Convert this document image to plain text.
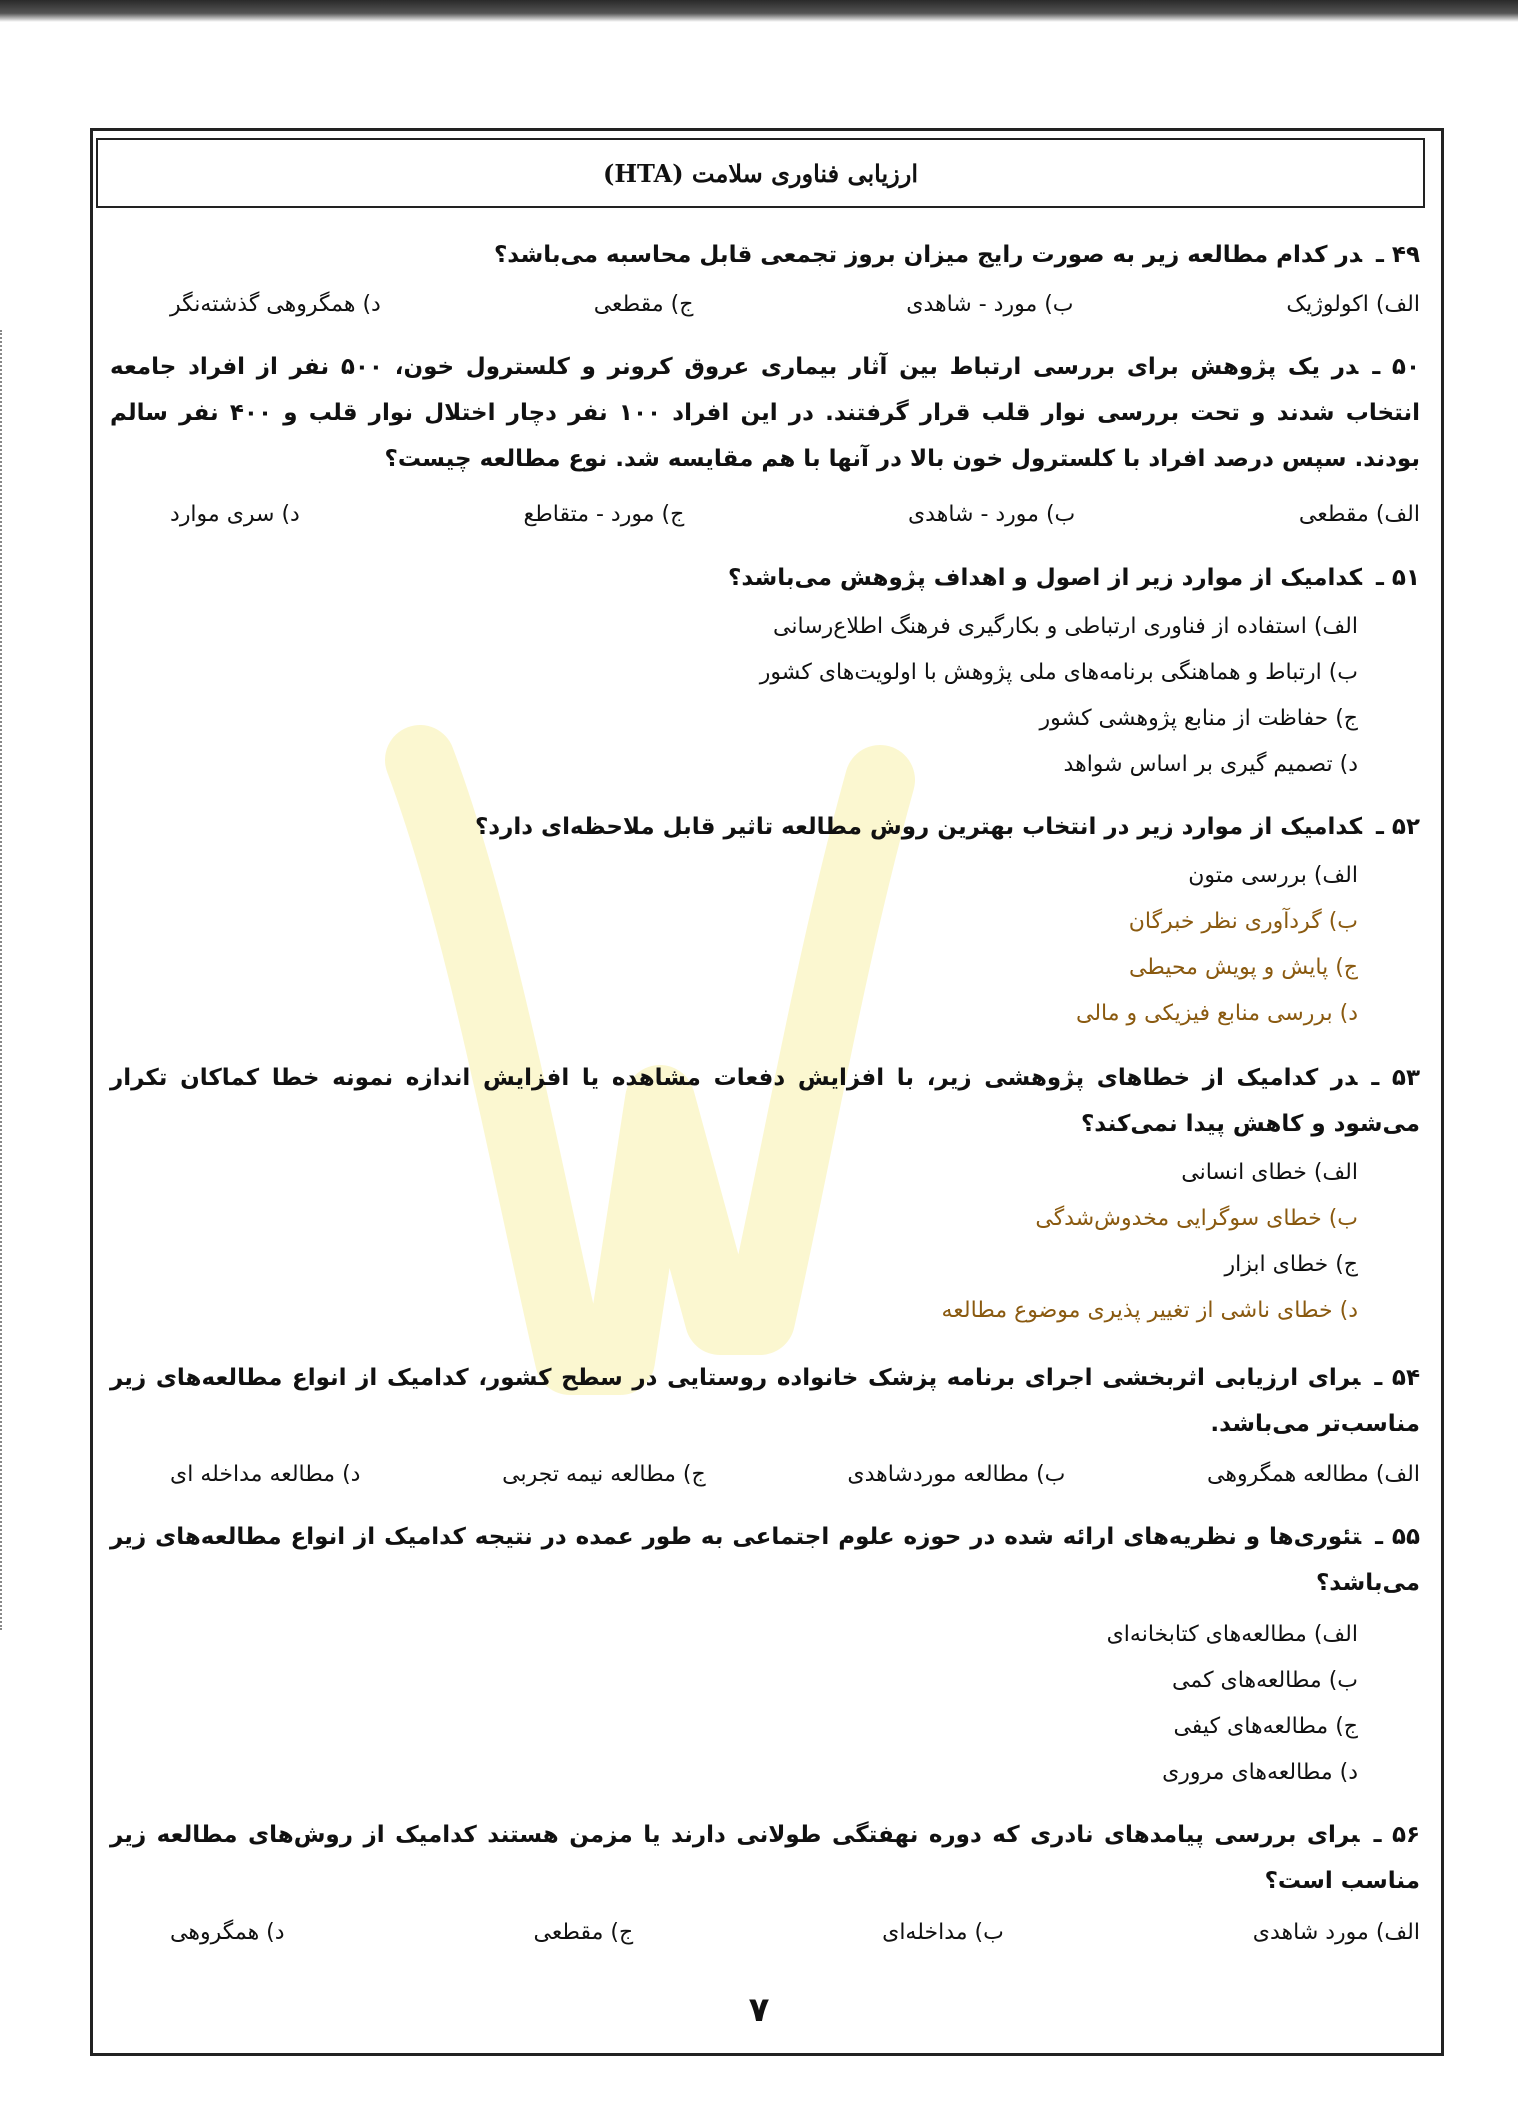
ارزیابی فناوری سلامت (HTA)
۴۹ ـدر کدام مطالعه زیر به صورت رایج میزان بروز تجمعی قابل محاسبه می‌باشد؟
الف) اکولوژیک
ب) مورد - شاهدی
ج) مقطعی
د) همگروهی گذشته‌نگر
۵۰ ـدر یک پژوهش برای بررسی ارتباط بین آثار بیماری عروق کرونر و کلسترول خون، ۵۰۰ نفر از افراد جامعه انتخاب شدند و تحت بررسی نوار قلب قرار گرفتند. در این افراد ۱۰۰ نفر دچار اختلال نوار قلب و ۴۰۰ نفر سالم بودند. سپس درصد افراد با کلسترول خون بالا در آنها با هم مقایسه شد. نوع مطالعه چیست؟
الف) مقطعی
ب) مورد - شاهدی
ج) مورد - متقاطع
د) سری موارد
۵۱ ـکدامیک از موارد زیر از اصول و اهداف پژوهش می‌باشد؟
الف) استفاده از فناوری ارتباطی و بکارگیری فرهنگ اطلاع‌رسانی
ب) ارتباط و هماهنگی برنامه‌های ملی پژوهش با اولویت‌های کشور
ج) حفاظت از منابع پژوهشی کشور
د) تصمیم گیری بر اساس شواهد
۵۲ ـکدامیک از موارد زیر در انتخاب بهترین روش مطالعه تاثیر قابل ملاحظه‌ای دارد؟
الف) بررسی متون
ب) گردآوری نظر خبرگان
ج) پایش و پویش محیطی
د) بررسی منابع فیزیکی و مالی
۵۳ ـدر کدامیک از خطاهای پژوهشی زیر، با افزایش دفعات مشاهده یا افزایش اندازه نمونه خطا کماکان تکرار می‌شود و کاهش پیدا نمی‌کند؟
الف) خطای انسانی
ب) خطای سوگرایی مخدوش‌شدگی
ج) خطای ابزار
د) خطای ناشی از تغییر پذیری موضوع مطالعه
۵۴ ـبرای ارزیابی اثربخشی اجرای برنامه پزشک خانواده روستایی در سطح کشور، کدامیک از انواع مطالعه‌های زیر مناسب‌تر می‌باشد.
الف) مطالعه همگروهی
ب) مطالعه موردشاهدی
ج) مطالعه نیمه تجربی
د) مطالعه مداخله ای
۵۵ ـتئوری‌ها و نظریه‌های ارائه شده در حوزه علوم اجتماعی به طور عمده در نتیجه کدامیک از انواع مطالعه‌های زیر می‌باشد؟
الف) مطالعه‌های کتابخانه‌ای
ب) مطالعه‌های کمی
ج) مطالعه‌های کیفی
د) مطالعه‌های مروری
۵۶ ـبرای بررسی پیامدهای نادری که دوره نهفتگی طولانی دارند یا مزمن هستند کدامیک از روش‌های مطالعه زیر مناسب است؟
الف) مورد شاهدی
ب) مداخله‌ای
ج) مقطعی
د) همگروهی
۷
